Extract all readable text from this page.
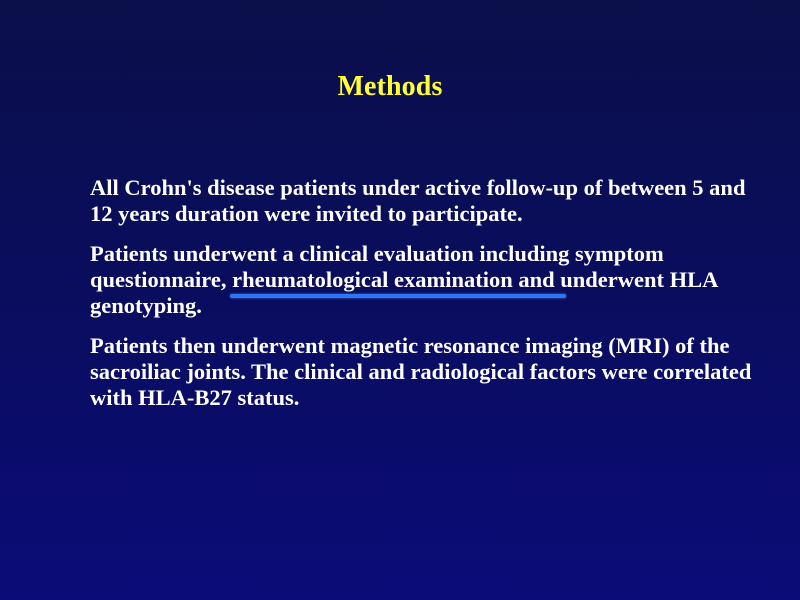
Methods

All Crohn's disease patients under active follow-up of between 5 and 12 years duration were invited to participate.

Patients underwent a clinical evaluation including symptom questionnaire, rheumatological examination and underwent HLA genotyping.

Patients then underwent magnetic resonance imaging (MRI) of the sacroiliac joints. The clinical and radiological factors were correlated with HLA-B27 status.
